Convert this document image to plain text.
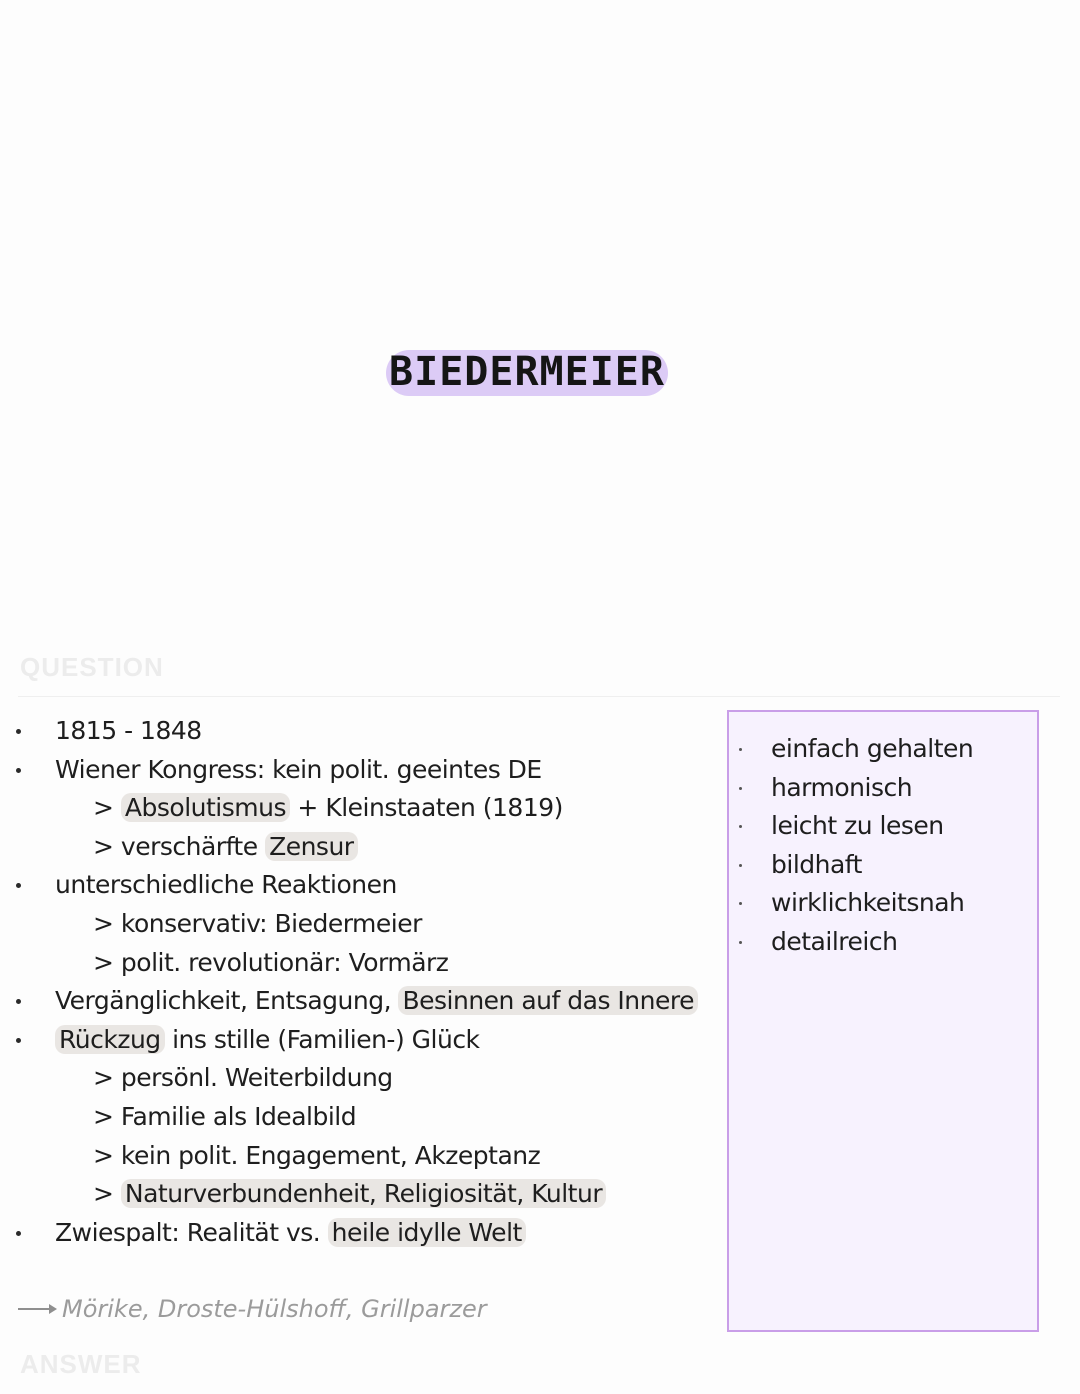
BIEDERMEIER
QUESTION
1815 - 1848
Wiener Kongress: kein polit. geeintes DE
> Absolutismus + Kleinstaaten (1819)
> verschärfte Zensur
unterschiedliche Reaktionen
> konservativ: Biedermeier
> polit. revolutionär: Vormärz
Vergänglichkeit, Entsagung, Besinnen auf das Innere
Rückzug ins stille (Familien-) Glück
> persönl. Weiterbildung
> Familie als Idealbild
> kein polit. Engagement, Akzeptanz
> Naturverbundenheit, Religiosität, Kultur
Zwiespalt: Realität vs. heile idylle Welt
Mörike, Droste-Hülshoff, Grillparzer
ANSWER
einfach gehalten
harmonisch
leicht zu lesen
bildhaft
wirklichkeitsnah
detailreich
